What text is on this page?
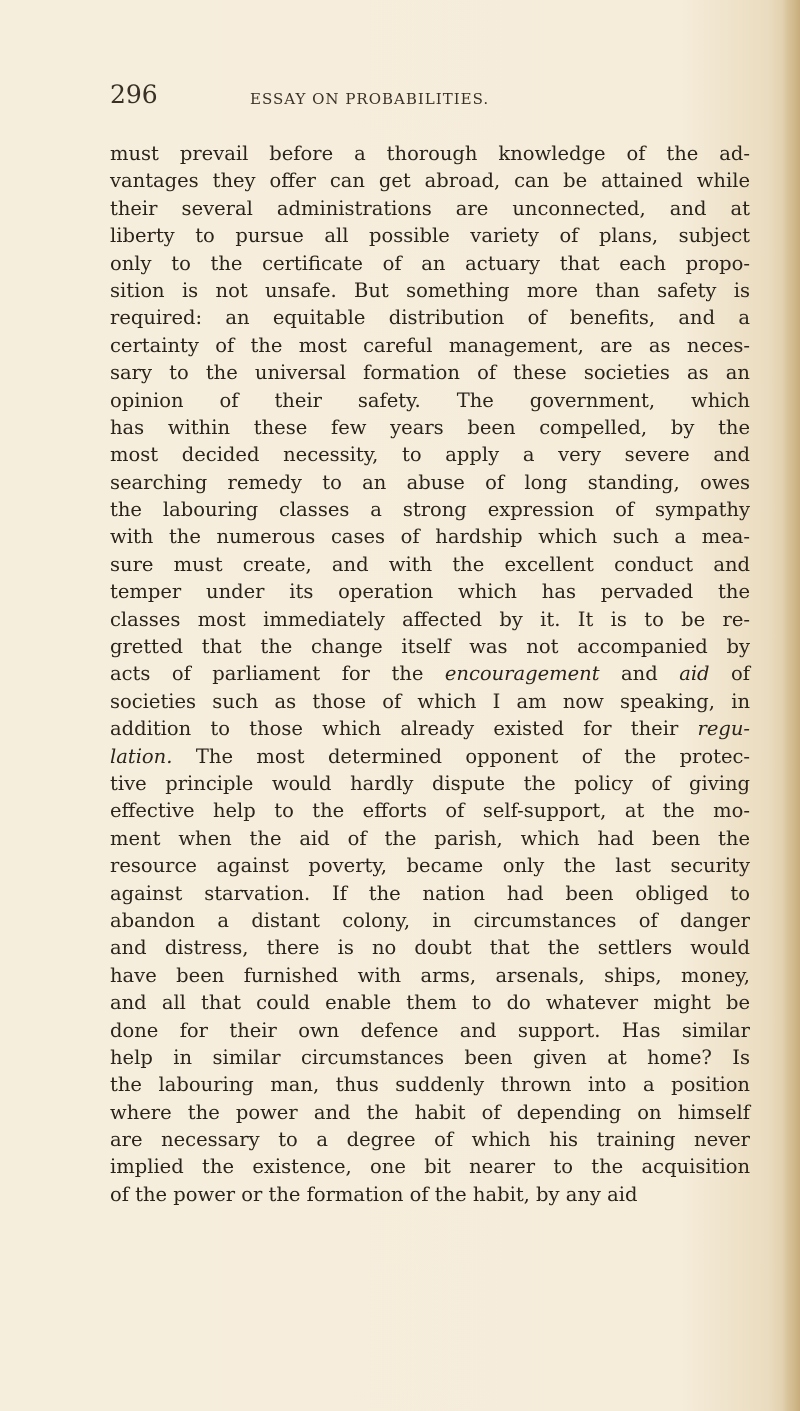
296	ESSAY ON PROBABILITIES.
must prevail before a thorough knowledge of the ad-
vantages they offer can get abroad, can be attained while
their several administrations are unconnected, and at
liberty to pursue all possible variety of plans, subject
only to the certificate of an actuary that each propo-
sition is not unsafe. But something more than safety is
required: an equitable distribution of benefits, and a
certainty of the most careful management, are as neces-
sary to the universal formation of these societies as an
opinion of their safety. The government, which
has within these few years been compelled, by the
most decided necessity, to apply a very severe and
searching remedy to an abuse of long standing, owes
the labouring classes a strong expression of sympathy
with the numerous cases of hardship which such a mea-
sure must create, and with the excellent conduct and
temper under its operation which has pervaded the
classes most immediately affected by it. It is to be re-
gretted that the change itself was not accompanied by
acts of parliament for the encouragement and aid of
societies such as those of which I am now speaking, in
addition to those which already existed for their regu-
lation. The most determined opponent of the protec-
tive principle would hardly dispute the policy of giving
effective help to the efforts of self-support, at the mo-
ment when the aid of the parish, which had been the
resource against poverty, became only the last security
against starvation. If the nation had been obliged to
abandon a distant colony, in circumstances of danger
and distress, there is no doubt that the settlers would
have been furnished with arms, arsenals, ships, money,
and all that could enable them to do whatever might be
done for their own defence and support. Has similar
help in similar circumstances been given at home? Is
the labouring man, thus suddenly thrown into a position
where the power and the habit of depending on himself
are necessary to a degree of which his training never
implied the existence, one bit nearer to the acquisition
of the power or the formation of the habit, by any aid
